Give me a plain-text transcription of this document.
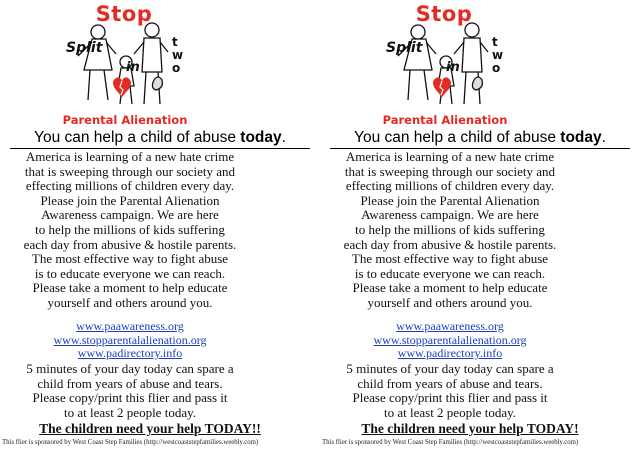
Stop
Split
in
two
Parental Alienation
You can help a child of abuse today.
America is learning of a new hate crime
that is sweeping through our society and
effecting millions of children every day.
Please join the Parental Alienation
Awareness campaign. We are here
to help the millions of kids suffering
each day from abusive & hostile parents.
The most effective way to fight abuse
is to educate everyone we can reach.
Please take a moment to help educate
yourself and others around you.
www.paawareness.org
www.stopparentalalienation.org
www.padirectory.info
5 minutes of your day today can spare a
child from years of abuse and tears.
Please copy/print this flier and pass it
to at least 2 people today.
The children need your help TODAY!!
This flier is sponsored by West Coast Step Families (http://westcoaststepfamilies.weebly.com)
Stop
Split
in
two
Parental Alienation
You can help a child of abuse today.
America is learning of a new hate crime
that is sweeping through our society and
effecting millions of children every day.
Please join the Parental Alienation
Awareness campaign. We are here
to help the millions of kids suffering
each day from abusive & hostile parents.
The most effective way to fight abuse
is to educate everyone we can reach.
Please take a moment to help educate
yourself and others around you.
www.paawareness.org
www.stopparentalalienation.org
www.padirectory.info
5 minutes of your day today can spare a
child from years of abuse and tears.
Please copy/print this flier and pass it
to at least 2 people today.
The children need your help TODAY!
This flier is sponsored by West Coast Step Families (http://westcoaststepfamilies.weebly.com)
